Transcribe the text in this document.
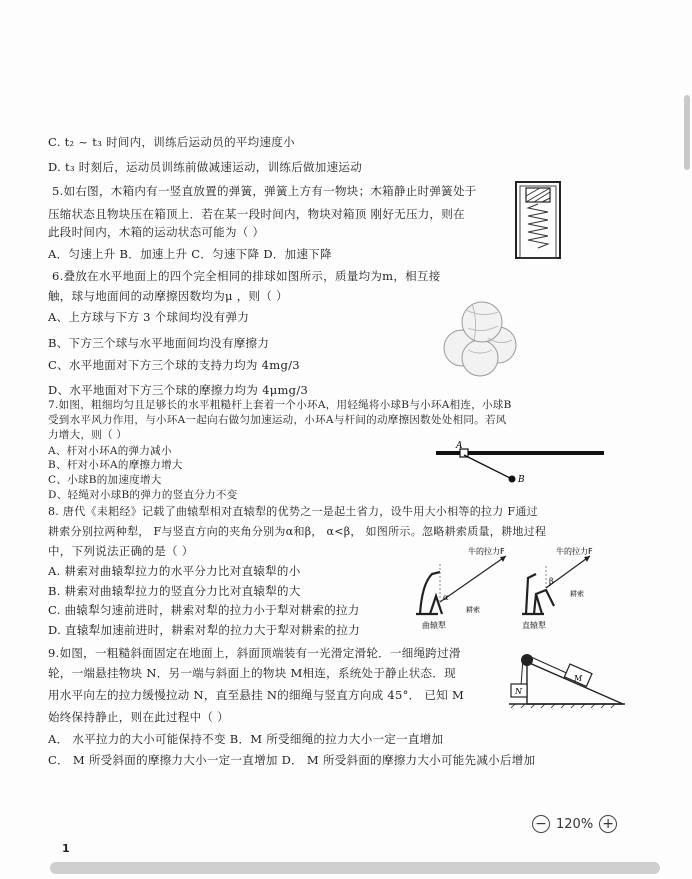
C. t₂ ~ t₃ 时间内，训练后运动员的平均速度小
D. t₃ 时刻后，运动员训练前做减速运动，训练后做加速运动
5.如右图，木箱内有一竖直放置的弹簧，弹簧上方有一物块；木箱静止时弹簧处于
压缩状态且物块压在箱顶上．若在某一段时间内，物块对箱顶 刚好无压力，则在
此段时间内，木箱的运动状态可能为（ ）
A．匀速上升 B．加速上升 C．匀速下降 D．加速下降
6.叠放在水平地面上的四个完全相同的排球如图所示，质量均为m，相互接
触，球与地面间的动摩擦因数均为μ ，则（ ）
A、上方球与下方 3 个球间均没有弹力
B、下方三个球与水平地面间均没有摩擦力
C、水平地面对下方三个球的支持力均为 4mg/3
D、水平地面对下方三个球的摩擦力均为 4μmg/3
7.如图，粗细均匀且足够长的水平粗糙杆上套着一个小环A，用轻绳将小球B与小环A相连，小球B
受到水平风力作用，与小环A一起向右做匀加速运动，小环A与杆间的动摩擦因数处处相同。若风
力增大，则（ ）
A、杆对小环A的弹力减小
B、杆对小环A的摩擦力增大
C、小球B的加速度增大
D、轻绳对小球B的弹力的竖直分力不变
8. 唐代《耒耜经》记载了曲辕犁相对直辕犁的优势之一是起土省力，设牛用大小相等的拉力 F通过
耕索分别拉两种犁， F与竖直方向的夹角分别为α和β， α<β， 如图所示。忽略耕索质量，耕地过程
中，下列说法正确的是（ ）
A. 耕索对曲辕犁拉力的水平分力比对直辕犁的小
B. 耕索对曲辕犁拉力的竖直分力比对直辕犁的大
C. 曲辕犁匀速前进时，耕索对犁的拉力小于犁对耕索的拉力
D. 直辕犁加速前进时，耕索对犁的拉力大于犁对耕索的拉力
9.如图，一粗糙斜面固定在地面上，斜面顶端装有一光滑定滑轮．一细绳跨过滑
轮，一端悬挂物块 N．另一端与斜面上的物块 M相连，系统处于静止状态．现
用水平向左的拉力缓慢拉动 N，直至悬挂 N的细绳与竖直方向成 45°． 已知 M
始终保持静止，则在此过程中（ ）
A． 水平拉力的大小可能保持不变 B．M 所受细绳的拉力大小一定一直增加
C． M 所受斜面的摩擦力大小一定一直增加 D． M 所受斜面的摩擦力大小可能先减小后增加
A
B
牛的拉力F
α
耕索
曲辕犁
牛的拉力F
β
耕索
直辕犁
N
M
1
− 120% +
